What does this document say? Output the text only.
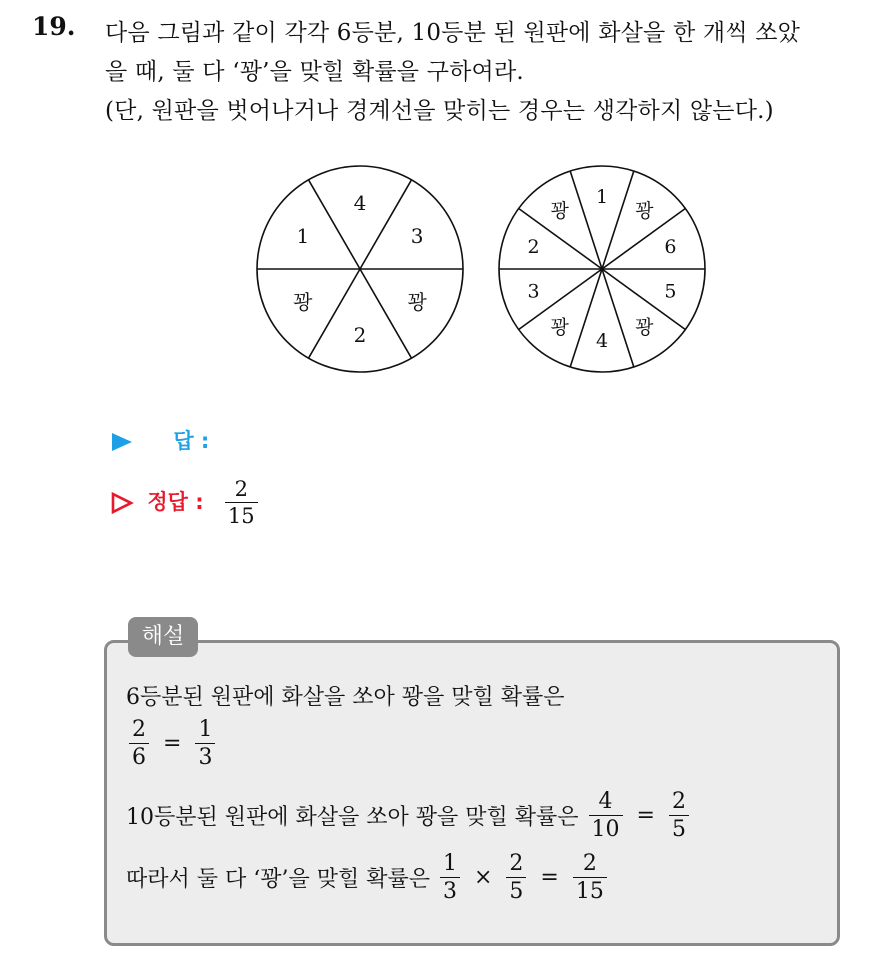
19. 다음 그림과 같이 각각 6등분, 10등분 된 원판에 화살을 한 개씩 쏘았
을 때, 둘 다 ‘꽝’을 맞힐 확률을 구하여라.
(단, 원판을 벗어나거나 경계선을 맞히는 경우는 생각하지 않는다.)
4
3
꽝
2
꽝
1
1
꽝
6
5
꽝
4
꽝
3
2
꽝
답 :
정답 : $\frac{2}{15}$
해설
6등분된 원판에 화살을 쏘아 꽝을 맞힐 확률은
$\frac{2}{6} = \frac{1}{3}$
10등분된 원판에 화살을 쏘아 꽝을 맞힐 확률은 $\frac{4}{10} = \frac{2}{5}$
따라서 둘 다 ‘꽝’을 맞힐 확률은 $\frac{1}{3} \times \frac{2}{5} = \frac{2}{15}$
